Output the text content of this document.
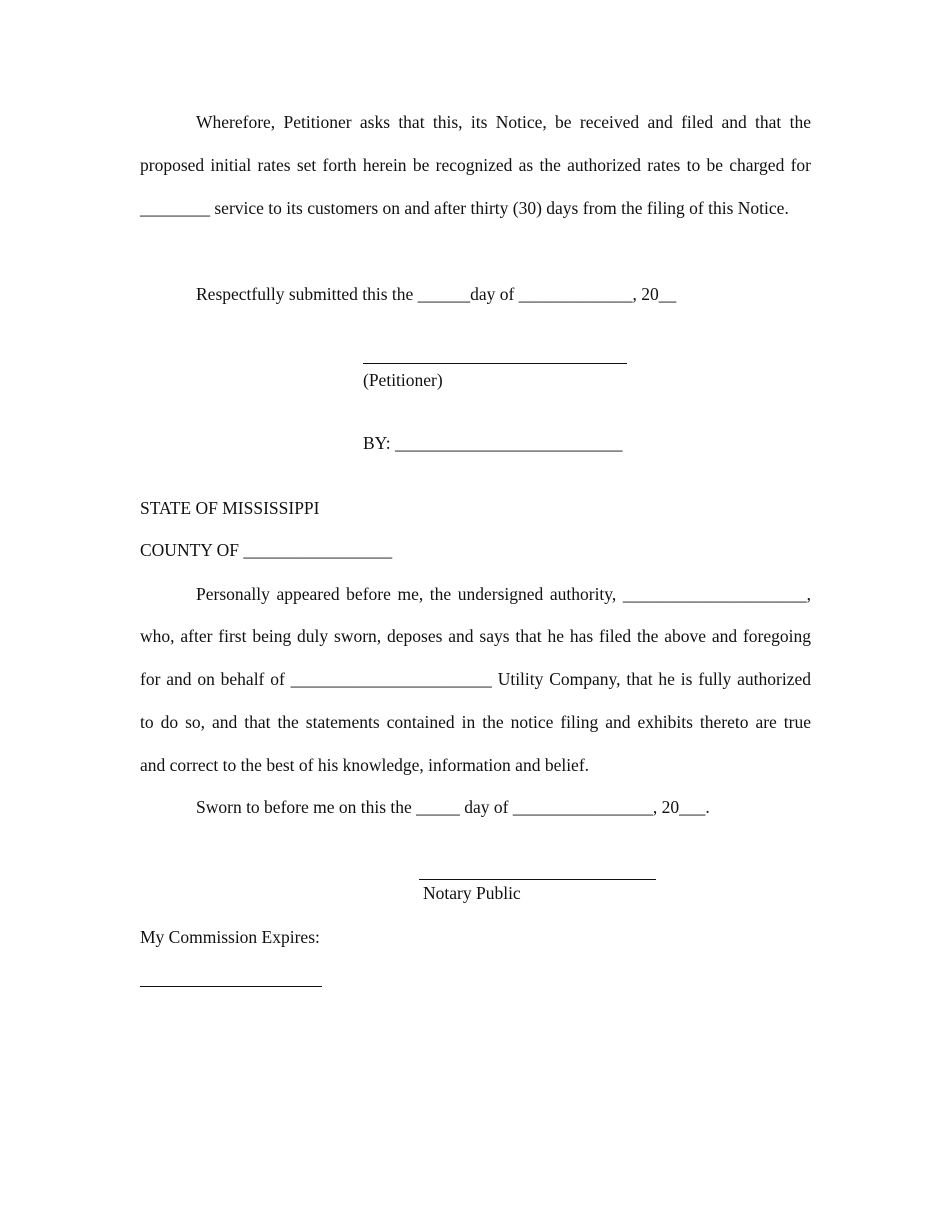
Wherefore, Petitioner asks that this, its Notice, be received and filed and that the
proposed initial rates set forth herein be recognized as the authorized rates to be charged for
________ service to its customers on and after thirty (30) days from the filing of this Notice.
Respectfully submitted this the ______day of _____________, 20__
(Petitioner)
BY: __________________________
STATE OF MISSISSIPPI
COUNTY OF _________________
Personally appeared before me, the undersigned authority, _____________________,
who, after first being duly sworn, deposes and says that he has filed the above and foregoing
for and on behalf of _______________________ Utility Company, that he is fully authorized
to do so, and that the statements contained in the notice filing and exhibits thereto are true
and correct to the best of his knowledge, information and belief.
Sworn to before me on this the _____ day of ________________, 20___.
Notary Public
My Commission Expires:
